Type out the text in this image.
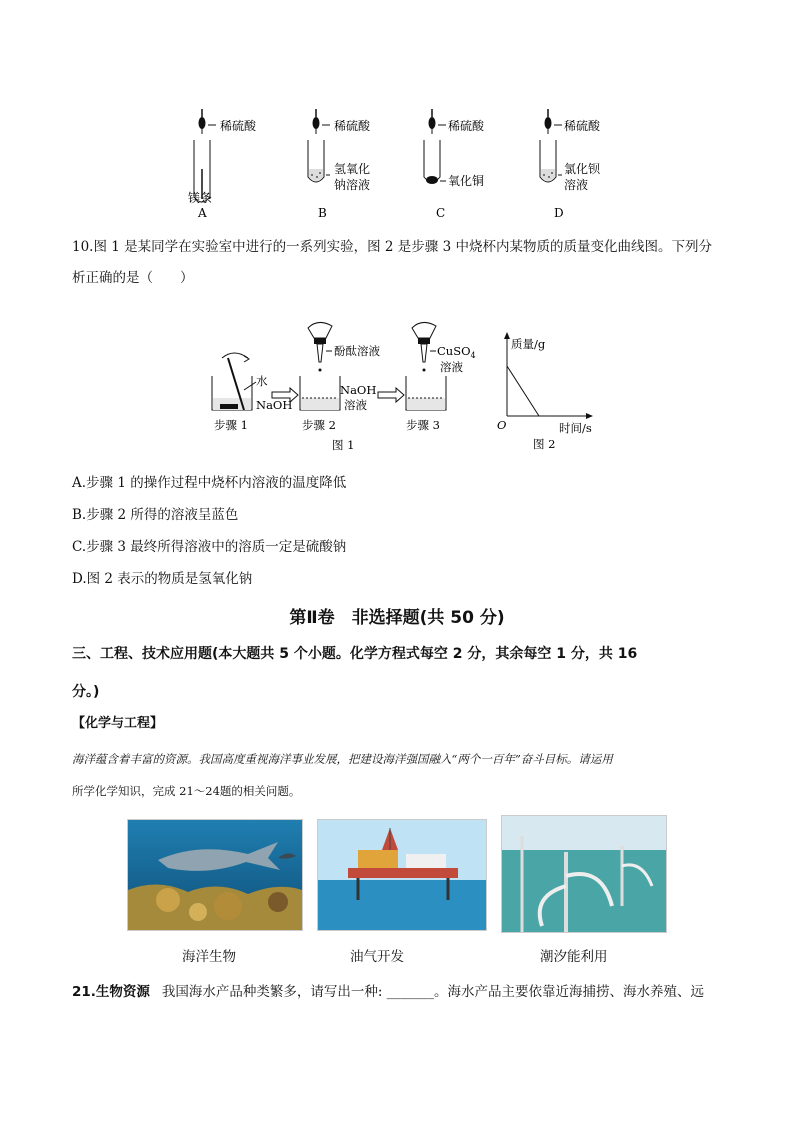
稀硫酸
镁条
A
稀硫酸
氢氧化
钠溶液
B
稀硫酸
氧化铜
C
稀硫酸
氯化钡
溶液
D
10.图 1 是某同学在实验室中进行的一系列实验，图 2 是步骤 3 中烧杯内某物质的质量变化曲线图。下列分
析正确的是（　　）
水
NaOH
酚酞溶液
NaOH
溶液
CuSO$_4$
溶液
步骤 1	步骤 2	步骤 3
图 1
质量/g
时间/s
O
图 2
A.步骤 1 的操作过程中烧杯内溶液的温度降低
B.步骤 2 所得的溶液呈蓝色
C.步骤 3 最终所得溶液中的溶质一定是硫酸钠
D.图 2 表示的物质是氢氧化钠
第Ⅱ卷　非选择题(共 50 分)
三、工程、技术应用题(本大题共 5 个小题。化学方程式每空 2 分，其余每空 1 分，共 16
分。)
【化学与工程】
海洋蕴含着丰富的资源。我国高度重视海洋事业发展，把建设海洋强国融入“两个一百年”奋斗目标。请运用
所学化学知识，完成 21～24题的相关问题。
海洋生物	油气开发	潮汐能利用
21.生物资源 我国海水产品种类繁多，请写出一种: _______。海水产品主要依靠近海捕捞、海水养殖、远
